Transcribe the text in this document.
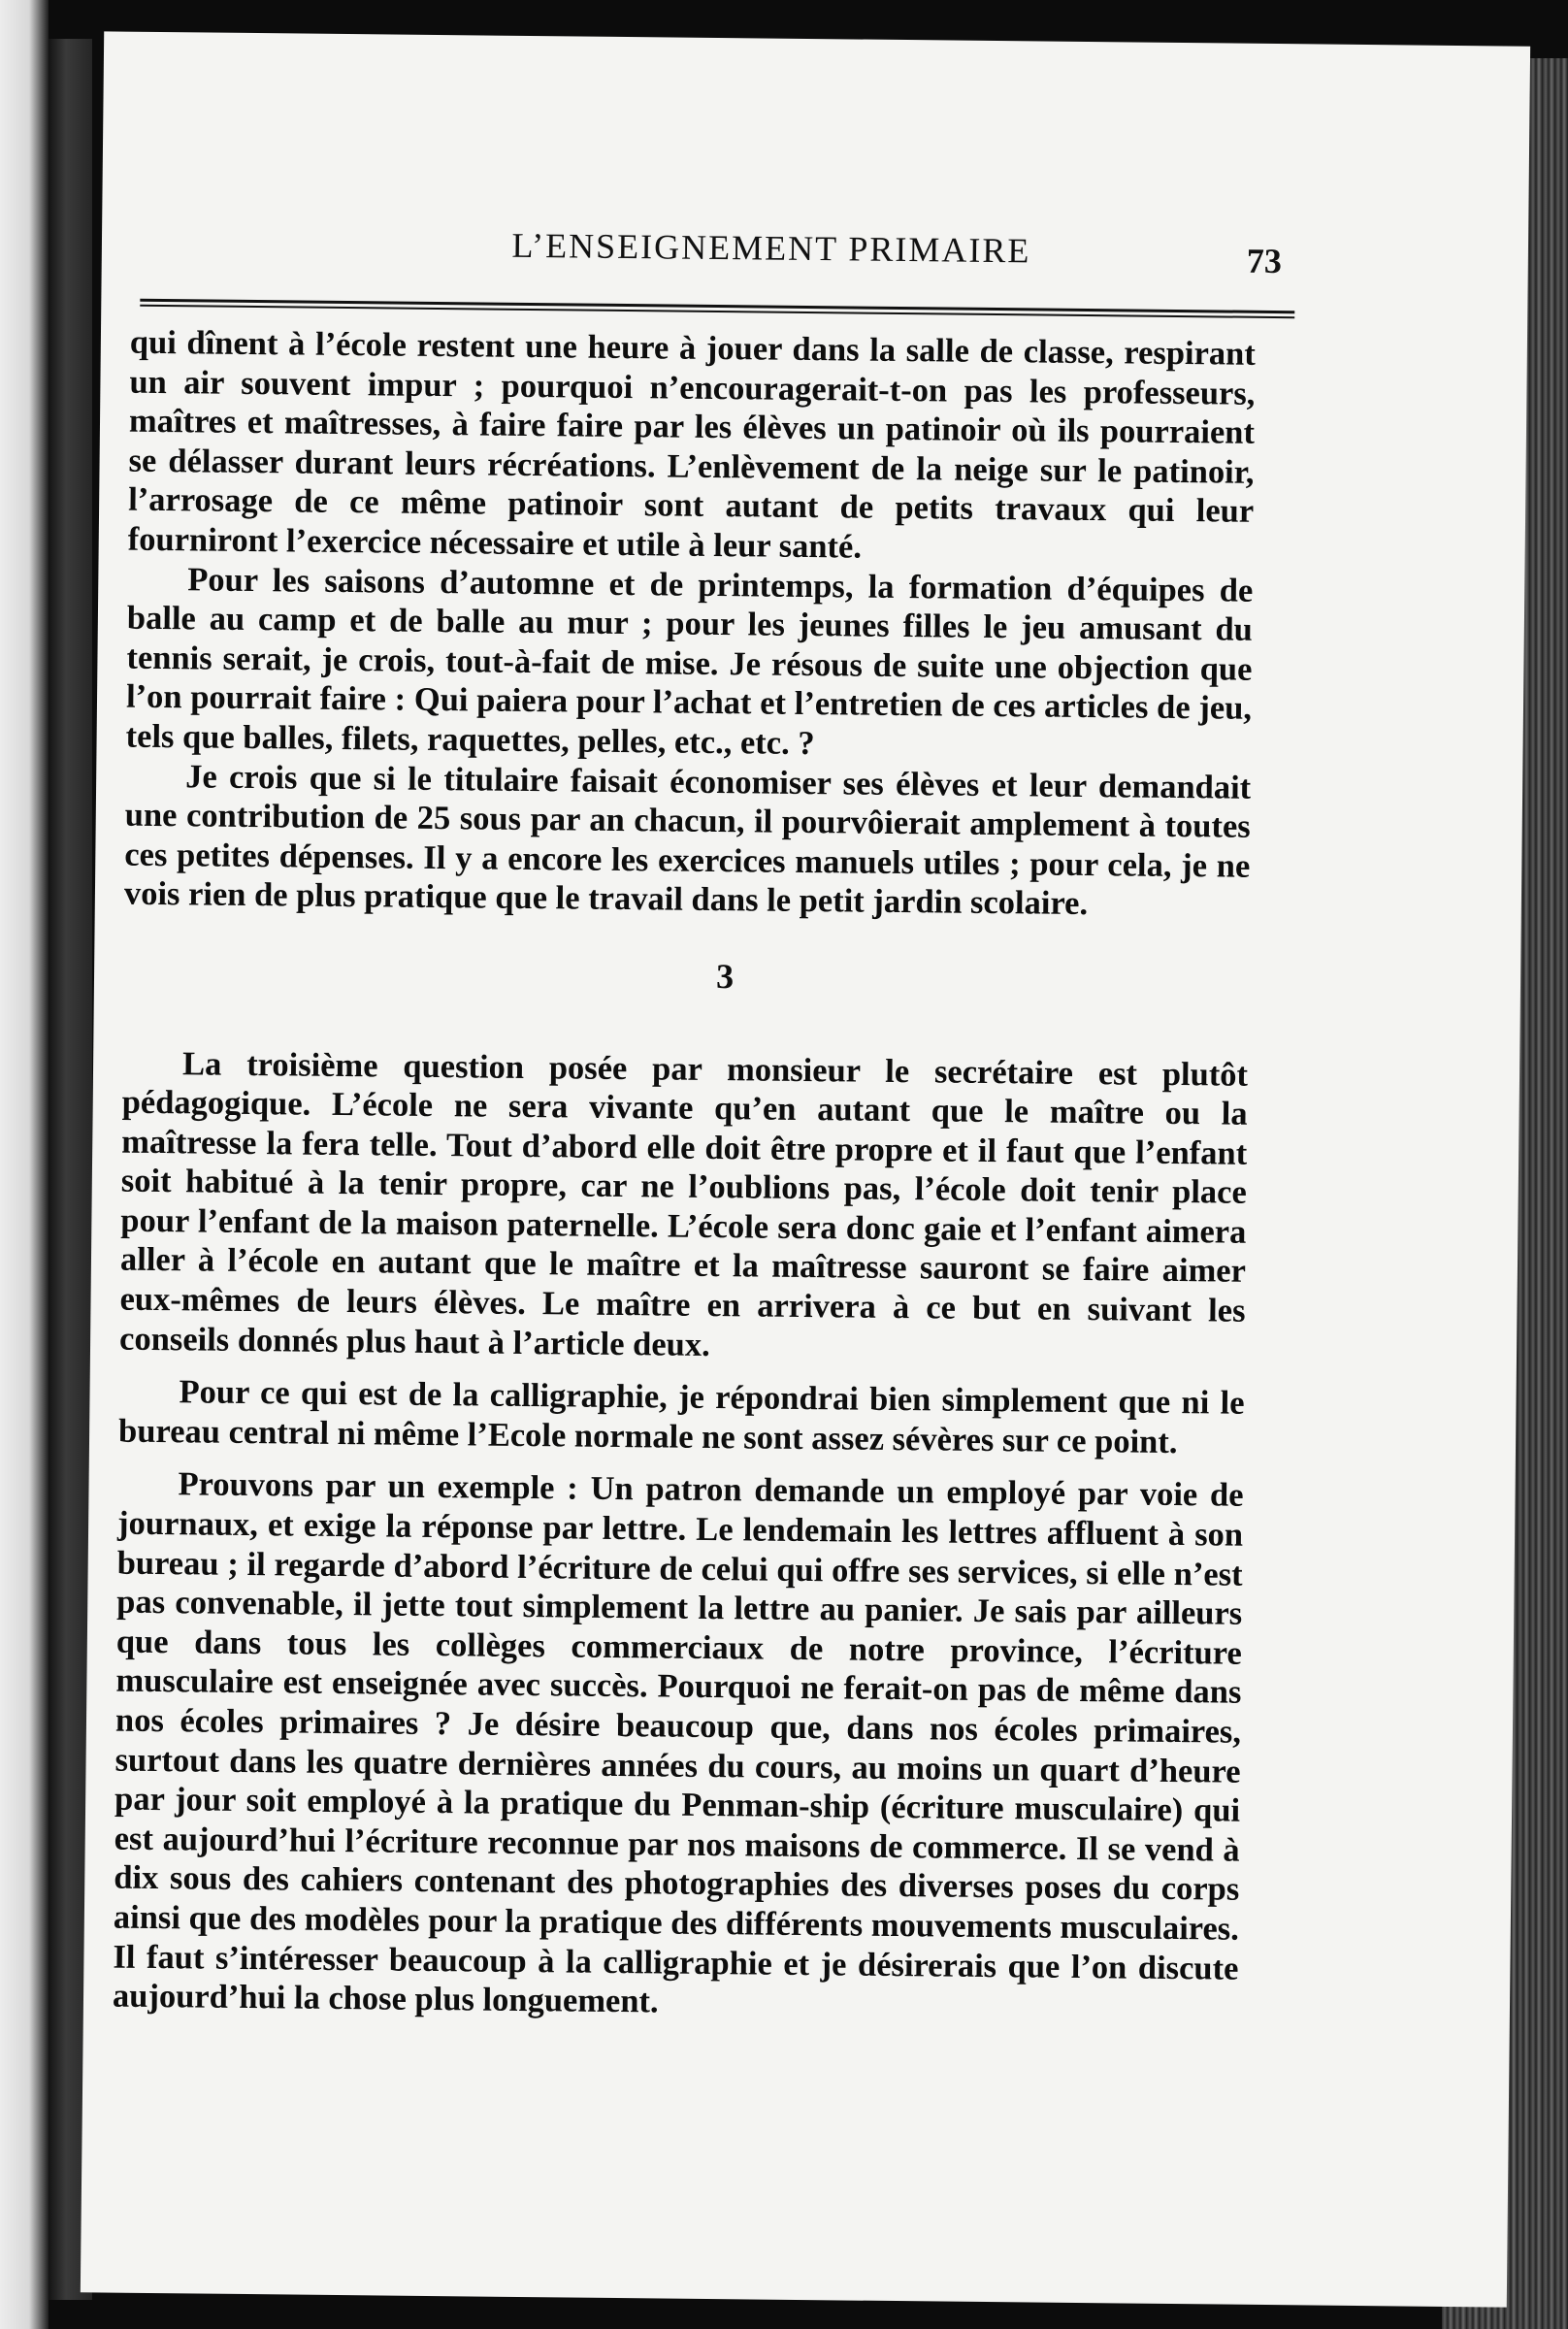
L’ENSEIGNEMENT PRIMAIRE	73

qui dînent à l’école restent une heure à jouer dans la salle de classe, respirant un air souvent impur ; pourquoi n’encouragerait-t-on pas les professeurs, maîtres et maîtresses, à faire faire par les élèves un patinoir où ils pourraient se délasser durant leurs récréations. L’enlèvement de la neige sur le patinoir, l’arrosage de ce même patinoir sont autant de petits travaux qui leur fourniront l’exercice nécessaire et utile à leur santé.

Pour les saisons d’automne et de printemps, la formation d’équipes de balle au camp et de balle au mur ; pour les jeunes filles le jeu amusant du tennis serait, je crois, tout-à-fait de mise. Je résous de suite une objection que l’on pourrait faire : Qui paiera pour l’achat et l’entretien de ces articles de jeu, tels que balles, filets, raquettes, pelles, etc., etc. ?

Je crois que si le titulaire faisait économiser ses élèves et leur demandait une contribution de 25 sous par an chacun, il pourvôierait amplement à toutes ces petites dépenses. Il y a encore les exercices manuels utiles ; pour cela, je ne vois rien de plus pratique que le travail dans le petit jardin scolaire.

3

La troisième question posée par monsieur le secrétaire est plutôt pédagogique. L’école ne sera vivante qu’en autant que le maître ou la maîtresse la fera telle. Tout d’abord elle doit être propre et il faut que l’enfant soit habitué à la tenir propre, car ne l’oublions pas, l’école doit tenir place pour l’enfant de la maison paternelle. L’école sera donc gaie et l’enfant aimera aller à l’école en autant que le maître et la maîtresse sauront se faire aimer eux-mêmes de leurs élèves. Le maître en arrivera à ce but en suivant les conseils donnés plus haut à l’article deux.

Pour ce qui est de la calligraphie, je répondrai bien simplement que ni le bureau central ni même l’Ecole normale ne sont assez sévères sur ce point.

Prouvons par un exemple : Un patron demande un employé par voie de journaux, et exige la réponse par lettre. Le lendemain les lettres affluent à son bureau ; il regarde d’abord l’écriture de celui qui offre ses services, si elle n’est pas convenable, il jette tout simplement la lettre au panier. Je sais par ailleurs que dans tous les collèges commerciaux de notre province, l’écriture musculaire est enseignée avec succès. Pourquoi ne ferait-on pas de même dans nos écoles primaires ? Je désire beaucoup que, dans nos écoles primaires, surtout dans les quatre dernières années du cours, au moins un quart d’heure par jour soit employé à la pratique du Penman-ship (écriture musculaire) qui est aujourd’hui l’écriture reconnue par nos maisons de commerce. Il se vend à dix sous des cahiers contenant des photographies des diverses poses du corps ainsi que des modèles pour la pratique des différents mouvements musculaires. Il faut s’intéresser beaucoup à la calligraphie et je désirerais que l’on discute aujourd’hui la chose plus longuement.
